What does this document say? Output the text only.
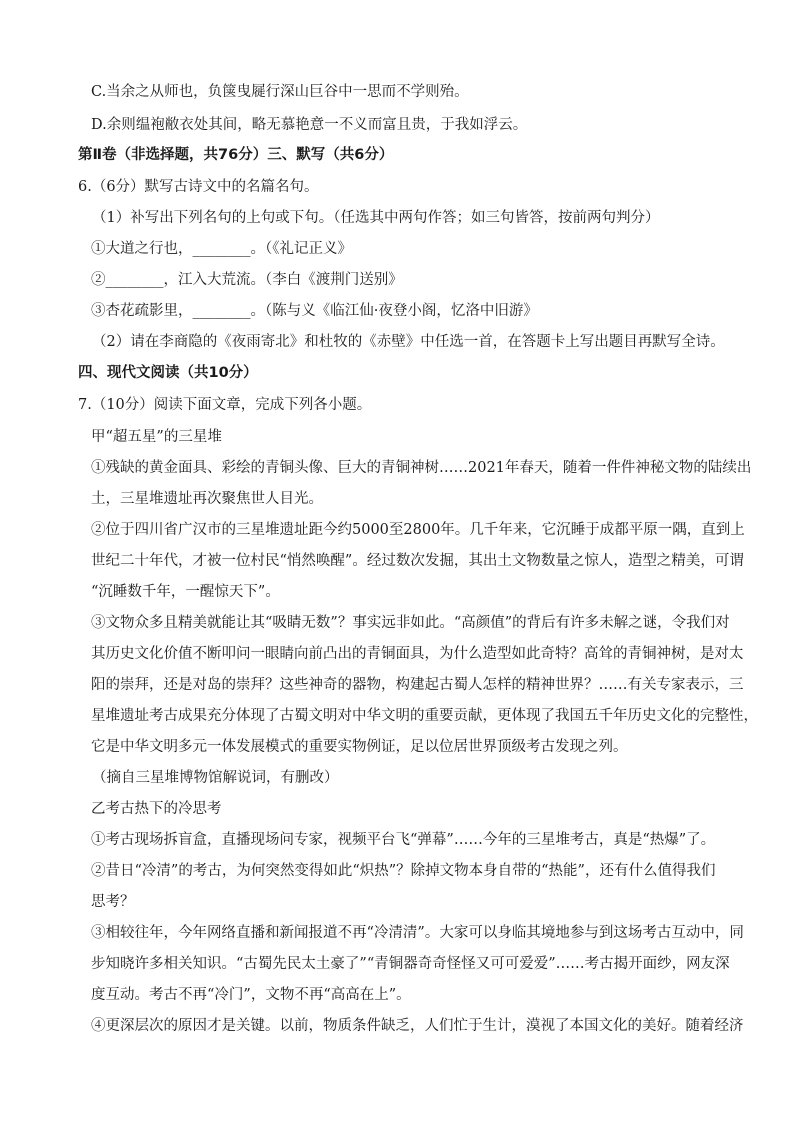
C.当余之从师也，负箧曳屣行深山巨谷中一思而不学则殆。
D.余则缊袍敝衣处其间，略无慕艳意一不义而富且贵，于我如浮云。
第Ⅱ卷（非选择题，共76分）三、默写（共6分）
6.（6分）默写古诗文中的名篇名句。
（1）补写出下列名句的上句或下句。（任选其中两句作答；如三句皆答，按前两句判分）
①大道之行也，________。（《礼记正义》
②________，江入大荒流。（李白《渡荆门送别》
③杏花疏影里，________。（陈与义《临江仙·夜登小阁，忆洛中旧游》
（2）请在李商隐的《夜雨寄北》和杜牧的《赤壁》中任选一首，在答题卡上写出题目再默写全诗。
四、现代文阅读（共10分）
7.（10分）阅读下面文章，完成下列各小题。
甲“超五星”的三星堆
①残缺的黄金面具、彩绘的青铜头像、巨大的青铜神树……2021年春天，随着一件件神秘文物的陆续出
土，三星堆遗址再次聚焦世人目光。
②位于四川省广汉市的三星堆遗址距今约5000至2800年。几千年来，它沉睡于成都平原一隅，直到上
世纪二十年代，才被一位村民“悄然唤醒”。经过数次发掘，其出土文物数量之惊人，造型之精美，可谓
“沉睡数千年，一醒惊天下”。
③文物众多且精美就能让其“吸睛无数”？事实远非如此。“高颜值”的背后有许多未解之谜，令我们对
其历史文化价值不断叩问一眼睛向前凸出的青铜面具，为什么造型如此奇特？高耸的青铜神树，是对太
阳的崇拜，还是对岛的崇拜？这些神奇的器物，构建起古蜀人怎样的精神世界？……有关专家表示，三
星堆遗址考古成果充分体现了古蜀文明对中华文明的重要贡献，更体现了我国五千年历史文化的完整性，
它是中华文明多元一体发展模式的重要实物例证，足以位居世界顶级考古发现之列。
（摘自三星堆博物馆解说词，有删改）
乙考古热下的冷思考
①考古现场拆盲盒，直播现场问专家，视频平台飞“弹幕”……今年的三星堆考古，真是“热爆”了。
②昔日“冷清”的考古，为何突然变得如此“炽热”？除掉文物本身自带的“热能”，还有什么值得我们
思考？
③相较往年，今年网络直播和新闻报道不再“冷清清”。大家可以身临其境地参与到这场考古互动中，同
步知晓许多相关知识。“古蜀先民太土豪了”“青铜器奇奇怪怪又可可爱爱”……考古揭开面纱，网友深
度互动。考古不再“冷门”，文物不再“高高在上”。
④更深层次的原因才是关键。以前，物质条件缺乏，人们忙于生计，漠视了本国文化的美好。随着经济
